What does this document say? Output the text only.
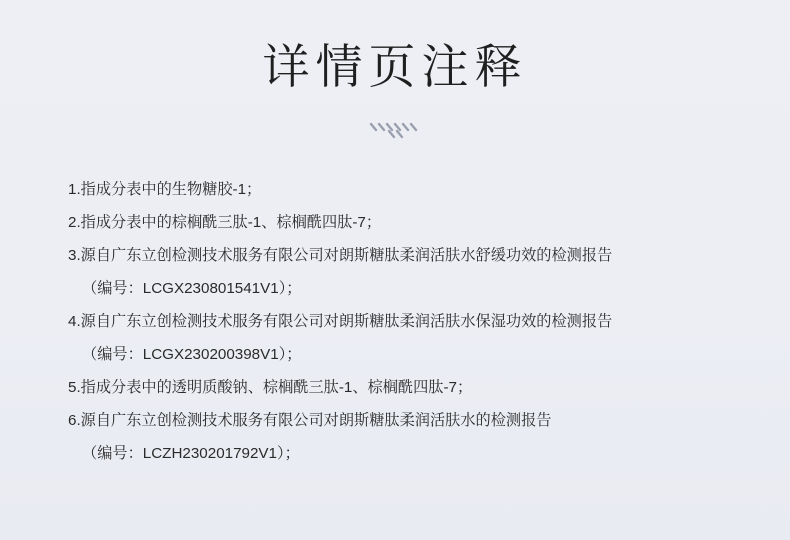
详情页注释
1.指成分表中的生物糖胶-1；
2.指成分表中的棕榈酰三肽-1、棕榈酰四肽-7；
3.源自广东立创检测技术服务有限公司对朗斯糖肽柔润活肤水舒缓功效的检测报告
（编号：LCGX230801541V1）；
4.源自广东立创检测技术服务有限公司对朗斯糖肽柔润活肤水保湿功效的检测报告
（编号：LCGX230200398V1）；
5.指成分表中的透明质酸钠、棕榈酰三肽-1、棕榈酰四肽-7；
6.源自广东立创检测技术服务有限公司对朗斯糖肽柔润活肤水的检测报告
（编号：LCZH230201792V1）；
